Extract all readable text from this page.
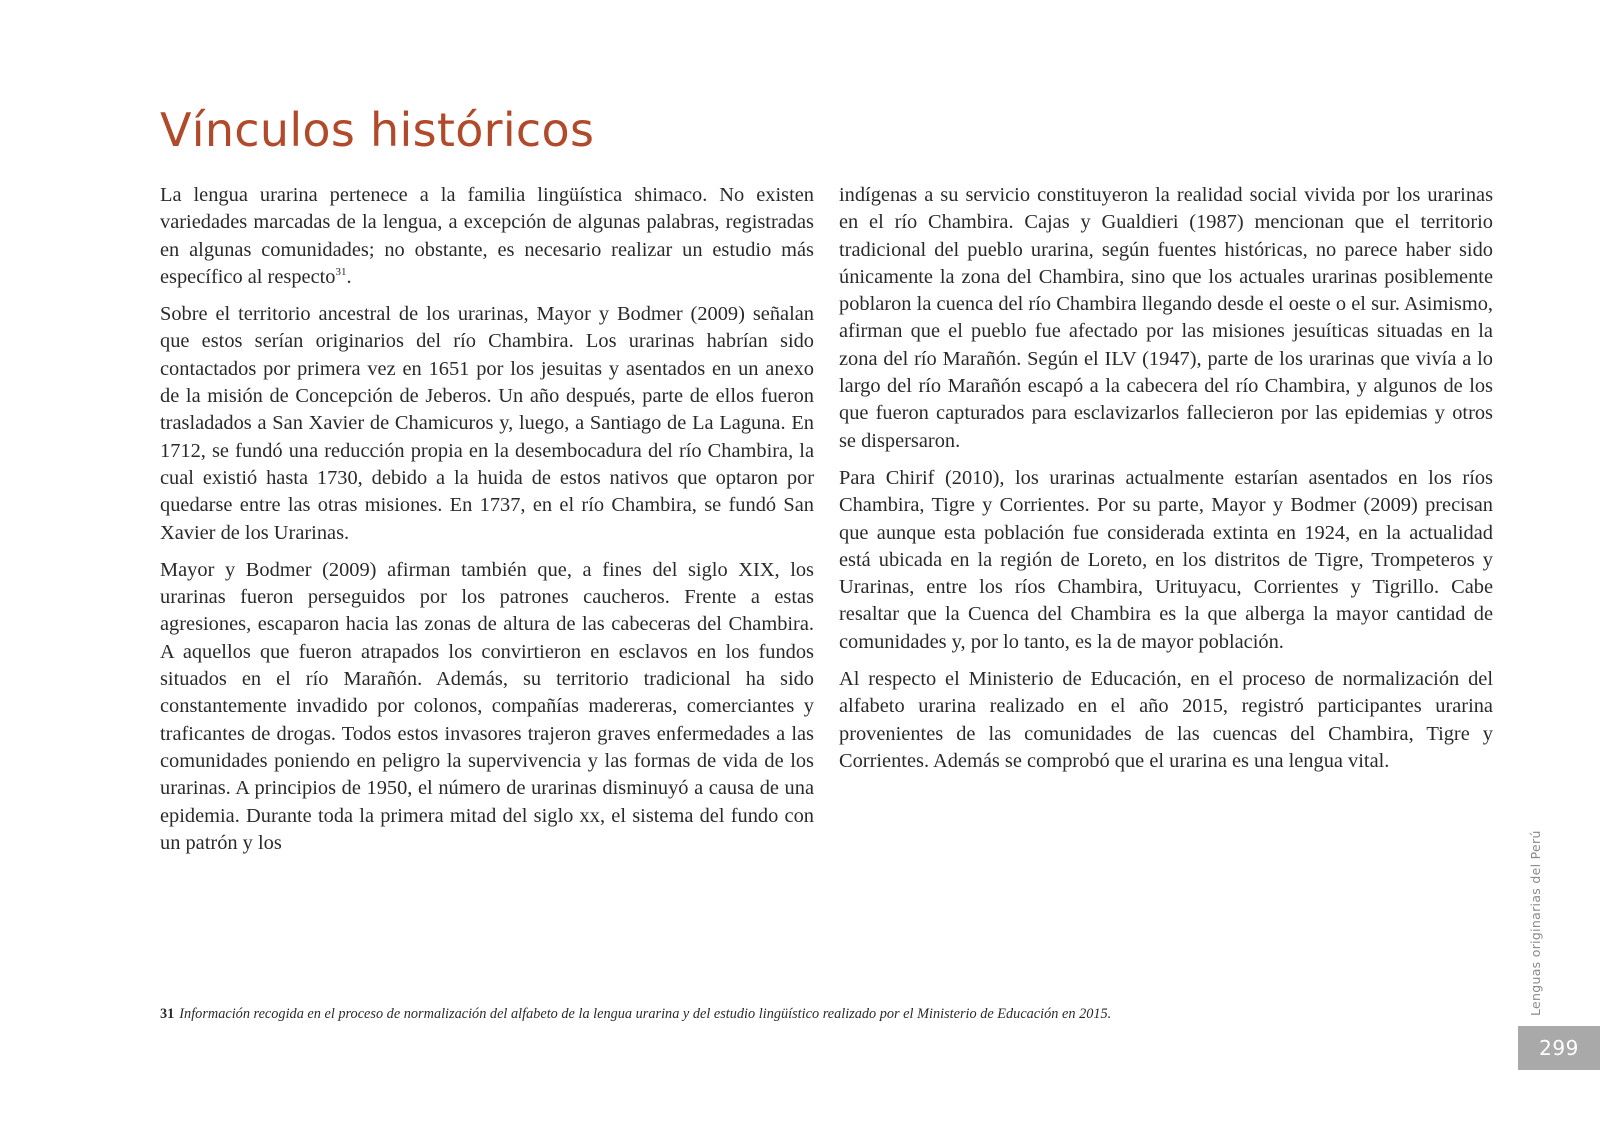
Vínculos históricos

La lengua urarina pertenece a la familia lingüística shimaco. No existen variedades marcadas de la lengua, a excepción de algunas palabras, registradas en algunas comunidades; no obstante, es necesario realizar un estudio más específico al respecto$^{31}$.

Sobre el territorio ancestral de los urarinas, Mayor y Bodmer (2009) señalan que estos serían originarios del río Chambira. Los urarinas habrían sido contactados por primera vez en 1651 por los jesuitas y asentados en un anexo de la misión de Concepción de Jeberos. Un año después, parte de ellos fueron trasladados a San Xavier de Chamicuros y, luego, a Santiago de La Laguna. En 1712, se fundó una reducción propia en la desembocadura del río Chambira, la cual existió hasta 1730, debido a la huida de estos nativos que optaron por quedarse entre las otras misiones. En 1737, en el río Chambira, se fundó San Xavier de los Urarinas.

Mayor y Bodmer (2009) afirman también que, a fines del siglo XIX, los urarinas fueron perseguidos por los patrones caucheros. Frente a estas agresiones, escaparon hacia las zonas de altura de las cabeceras del Chambira. A aquellos que fueron atrapados los convirtieron en esclavos en los fundos situados en el río Marañón. Además, su territorio tradicional ha sido constantemente invadido por colonos, compañías madereras, comerciantes y traficantes de drogas. Todos estos invasores trajeron graves enfermedades a las comunidades poniendo en peligro la supervivencia y las formas de vida de los urarinas. A principios de 1950, el número de urarinas disminuyó a causa de una epidemia. Durante toda la primera mitad del siglo xx, el sistema del fundo con un patrón y los

indígenas a su servicio constituyeron la realidad social vivida por los urarinas en el río Chambira. Cajas y Gualdieri (1987) mencionan que el territorio tradicional del pueblo urarina, según fuentes históricas, no parece haber sido únicamente la zona del Chambira, sino que los actuales urarinas posiblemente poblaron la cuenca del río Chambira llegando desde el oeste o el sur. Asimismo, afirman que el pueblo fue afectado por las misiones jesuíticas situadas en la zona del río Marañón. Según el ILV (1947), parte de los urarinas que vivía a lo largo del río Marañón escapó a la cabecera del río Chambira, y algunos de los que fueron capturados para esclavizarlos fallecieron por las epidemias y otros se dispersaron.

Para Chirif (2010), los urarinas actualmente estarían asentados en los ríos Chambira, Tigre y Corrientes. Por su parte, Mayor y Bodmer (2009) precisan que aunque esta población fue considerada extinta en 1924, en la actualidad está ubicada en la región de Loreto, en los distritos de Tigre, Trompeteros y Urarinas, entre los ríos Chambira, Urituyacu, Corrientes y Tigrillo. Cabe resaltar que la Cuenca del Chambira es la que alberga la mayor cantidad de comunidades y, por lo tanto, es la de mayor población.

Al respecto el Ministerio de Educación, en el proceso de normalización del alfabeto urarina realizado en el año 2015, registró participantes urarina provenientes de las comunidades de las cuencas del Chambira, Tigre y Corrientes. Además se comprobó que el urarina es una lengua vital.

31 Información recogida en el proceso de normalización del alfabeto de la lengua urarina y del estudio lingüístico realizado por el Ministerio de Educación en 2015.	Lenguas originarias del Perú
299
